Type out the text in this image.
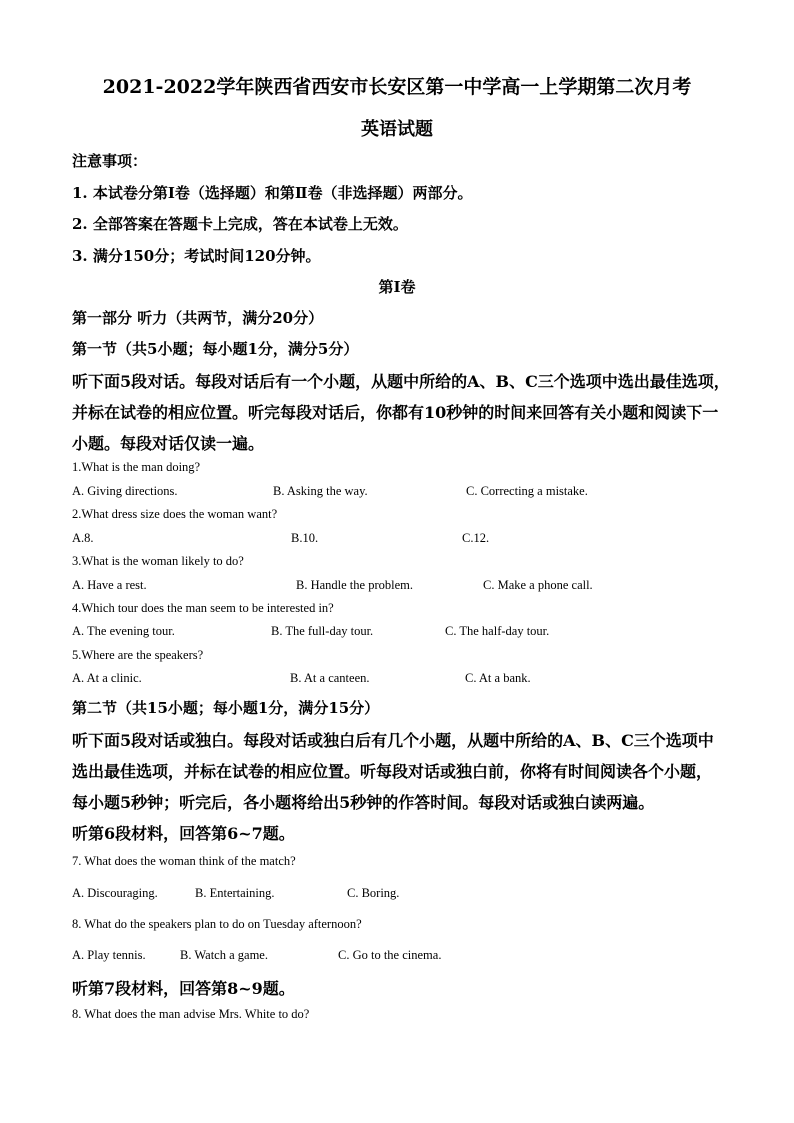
2021-2022学年陕西省西安市长安区第一中学高一上学期第二次月考
英语试题
注意事项：
1. 本试卷分第Ⅰ卷（选择题）和第Ⅱ卷（非选择题）两部分。
2. 全部答案在答题卡上完成，答在本试卷上无效。
3. 满分150分；考试时间120分钟。
第I卷
第一部分 听力（共两节，满分20分）
第一节（共5小题；每小题1分，满分5分）
听下面5段对话。每段对话后有一个小题，从题中所给的A、B、C三个选项中选出最佳选项，
并标在试卷的相应位置。听完每段对话后，你都有10秒钟的时间来回答有关小题和阅读下一
小题。每段对话仅读一遍。
1.What is the man doing?
A. Giving directions.	B. Asking the way.	C. Correcting a mistake.
2.What dress size does the woman want?
A.8.	B.10.	C.12.
3.What is the woman likely to do?
A. Have a rest.	B. Handle the problem.	C. Make a phone call.
4.Which tour does the man seem to be interested in?
A. The evening tour.	B. The full-day tour.	C. The half-day tour.
5.Where are the speakers?
A. At a clinic.	B. At a canteen.	C. At a bank.
第二节（共15小题；每小题1分，满分15分）
听下面5段对话或独白。每段对话或独白后有几个小题，从题中所给的A、B、C三个选项中
选出最佳选项，并标在试卷的相应位置。听每段对话或独白前，你将有时间阅读各个小题，
每小题5秒钟；听完后，各小题将给出5秒钟的作答时间。每段对话或独白读两遍。
听第6段材料，回答第6~7题。
7. What does the woman think of the match?
A. Discouraging.	B. Entertaining.	C. Boring.
8. What do the speakers plan to do on Tuesday afternoon?
A. Play tennis.	B. Watch a game.	C. Go to the cinema.
听第7段材料，回答第8~9题。
8. What does the man advise Mrs. White to do?
